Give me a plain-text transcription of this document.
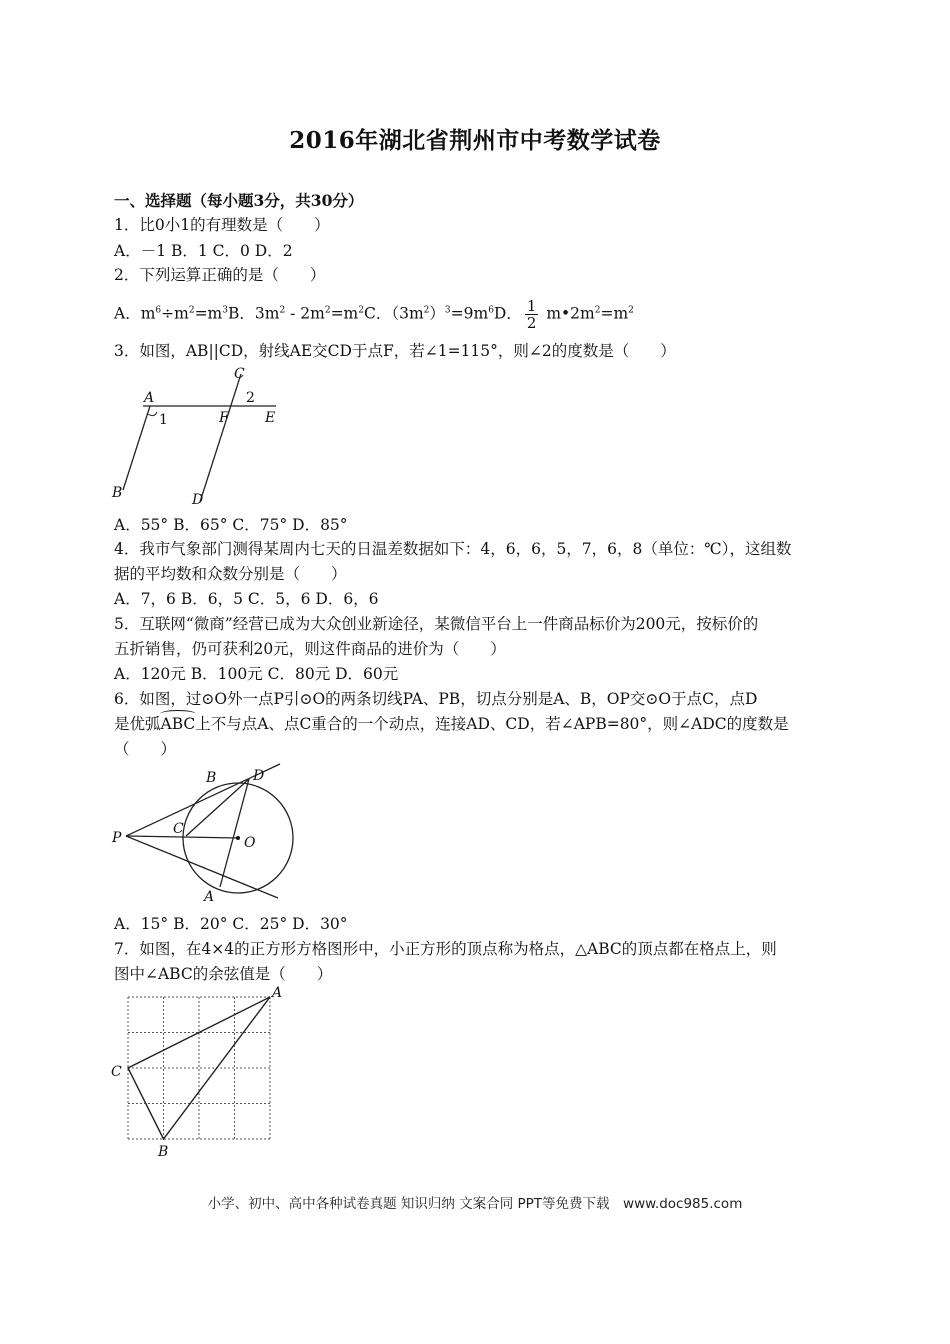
2016年湖北省荆州市中考数学试卷
一、选择题（每小题3分，共30分）
1．比0小1的有理数是（　　）
A．－1 B．1 C．0 D．2
2．下列运算正确的是（　　）
A．$m^6\div m^2=m^3B$．$3m^2 - 2m^2=m^2C$．$(3m^2)^3=9m^6D$． $\frac{1}{2}$ $m•2m^2=m^2$
3．如图，AB||CD，射线AE交CD于点F，若∠1=115°，则∠2的度数是（　　）
A
B
C
D
E
F
1
2
A．55° B．65° C．75° D．85°
4．我市气象部门测得某周内七天的日温差数据如下：4，6，6，5，7，6，8（单位：℃），这组数
据的平均数和众数分别是（　　）
A．7，6 B．6，5 C．5，6 D．6，6
5．互联网“微商”经营已成为大众创业新途径，某微信平台上一件商品标价为200元，按标价的
五折销售，仍可获利20元，则这件商品的进价为（　　）
A．120元 B．100元 C．80元 D．60元
6．如图，过⊙O外一点P引⊙O的两条切线PA、PB，切点分别是A、B，OP交⊙O于点C，点D
是优弧ABC上不与点A、点C重合的一个动点，连接AD、CD，若∠APB=80°，则∠ADC的度数是
（　　）
P
B	D
C
O
A
A．15° B．20° C．25° D．30°
7．如图，在4×4的正方形方格图形中，小正方形的顶点称为格点，△ABC的顶点都在格点上，则
图中∠ABC的余弦值是（　　）
A
C
B
小学、初中、高中各种试卷真题 知识归纳 文案合同 PPT等免费下载　www.doc985.com
